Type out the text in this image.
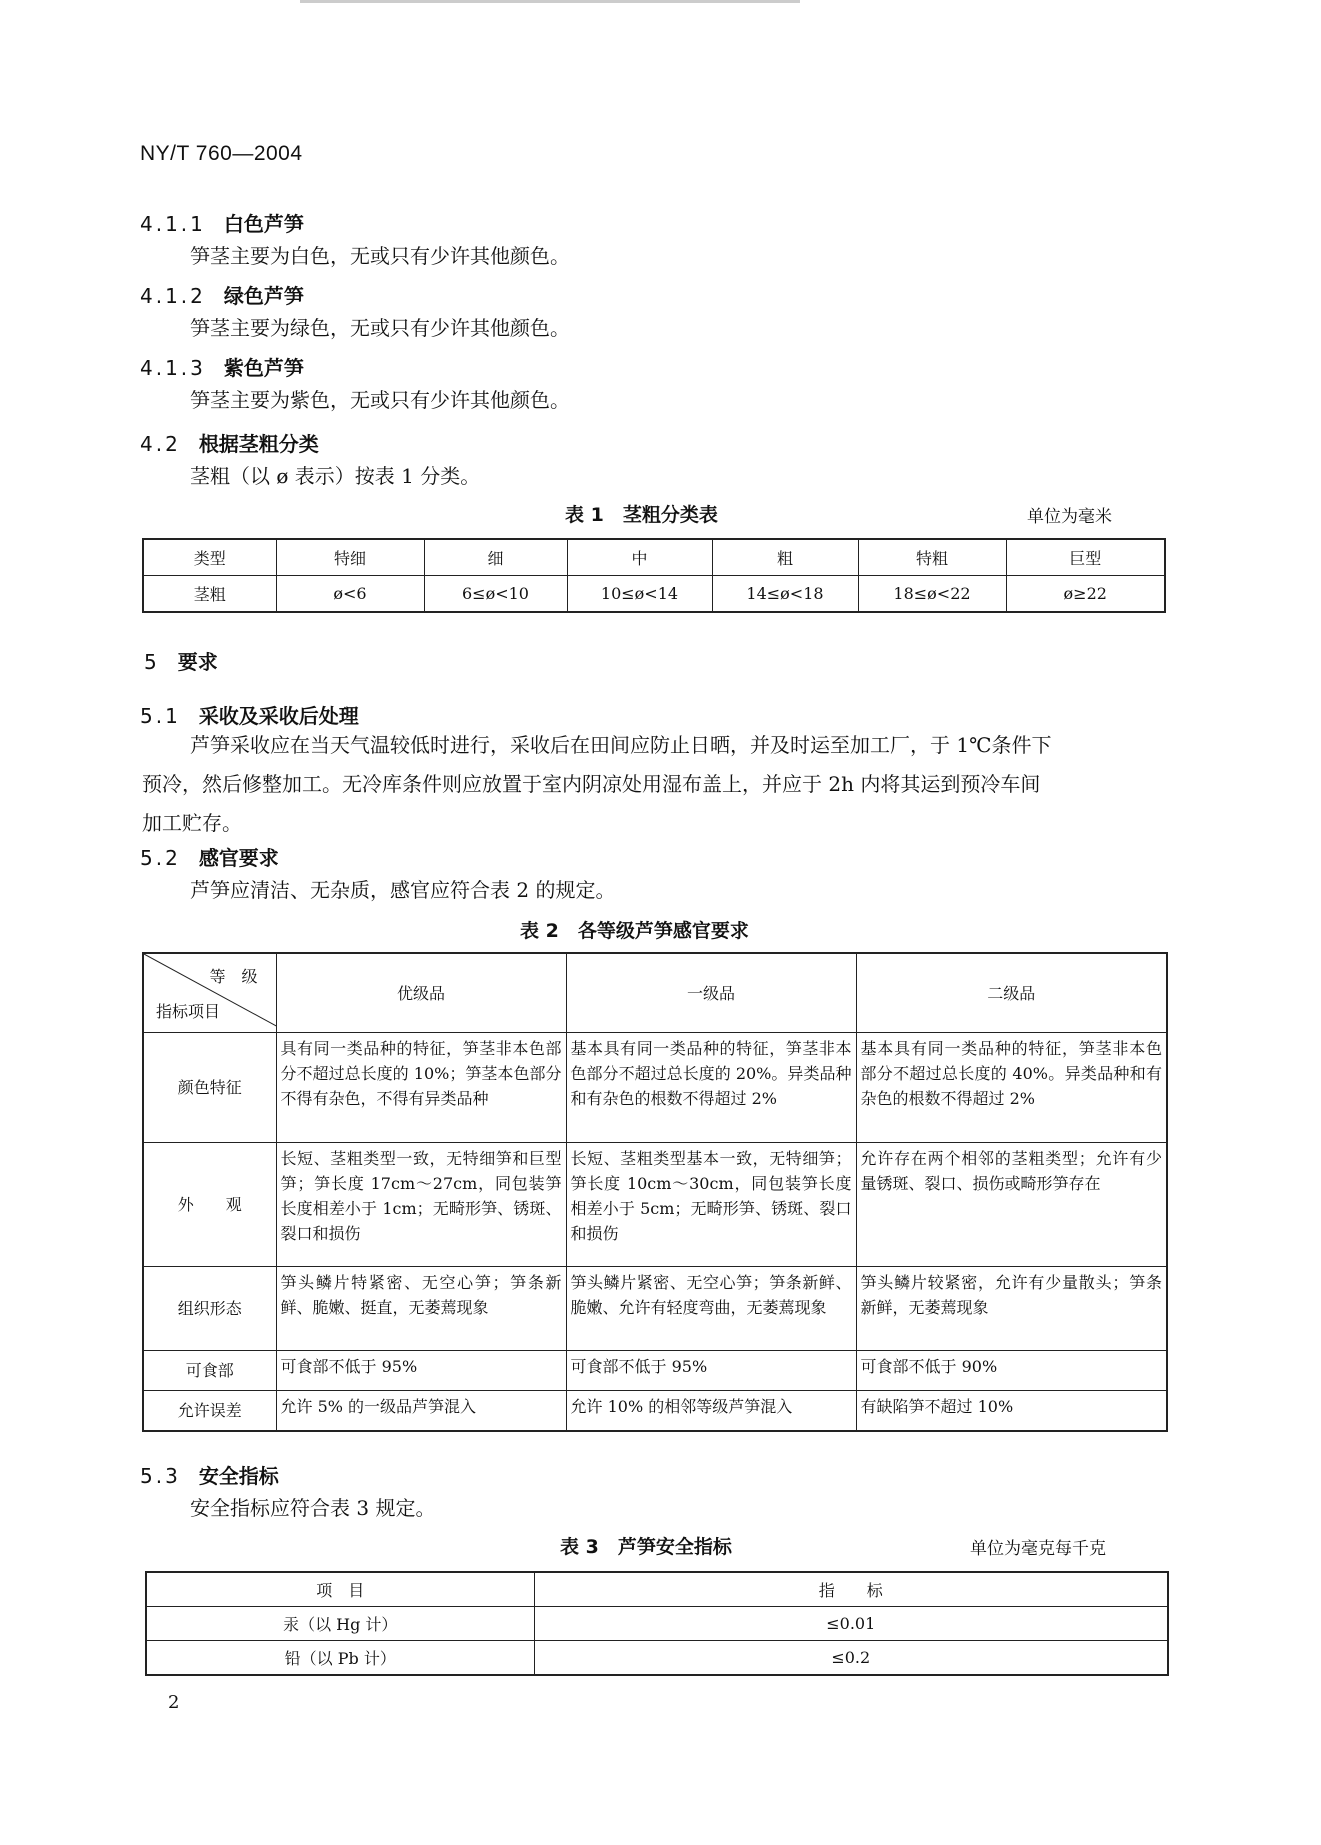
NY/T 760—2004
4.1.1 白色芦笋
笋茎主要为白色，无或只有少许其他颜色。
4.1.2 绿色芦笋
笋茎主要为绿色，无或只有少许其他颜色。
4.1.3 紫色芦笋
笋茎主要为紫色，无或只有少许其他颜色。
4.2 根据茎粗分类
茎粗（以 ø 表示）按表 1 分类。
表 1　茎粗分类表	单位为毫米
类型	特细	细	中	粗	特粗	巨型
茎粗	ø<6	6≤ø<10	10≤ø<14	14≤ø<18	18≤ø<22	ø≥22
5 要求
5.1 采收及采收后处理
芦笋采收应在当天气温较低时进行，采收后在田间应防止日晒，并及时运至加工厂，于 1℃条件下
预冷，然后修整加工。无冷库条件则应放置于室内阴凉处用湿布盖上，并应于 2h 内将其运到预冷车间
加工贮存。
5.2 感官要求
芦笋应清洁、无杂质，感官应符合表 2 的规定。
表 2　各等级芦笋感官要求
等　级
指标项目	优级品	一级品	二级品
颜色特征	具有同一类品种的特征，笋茎非本色部分不超过总长度的 10%；笋茎本色部分不得有杂色，不得有异类品种	基本具有同一类品种的特征，笋茎非本色部分不超过总长度的 20%。异类品种和有杂色的根数不得超过 2%	基本具有同一类品种的特征，笋茎非本色部分不超过总长度的 40%。异类品种和有杂色的根数不得超过 2%
外　　观	长短、茎粗类型一致，无特细笋和巨型笋；笋长度 17cm～27cm，同包装笋长度相差小于 1cm；无畸形笋、锈斑、裂口和损伤	长短、茎粗类型基本一致，无特细笋；笋长度 10cm～30cm，同包装笋长度相差小于 5cm；无畸形笋、锈斑、裂口和损伤	允许存在两个相邻的茎粗类型；允许有少量锈斑、裂口、损伤或畸形笋存在
组织形态	笋头鳞片特紧密、无空心笋；笋条新鲜、脆嫩、挺直，无萎蔫现象	笋头鳞片紧密、无空心笋；笋条新鲜、脆嫩、允许有轻度弯曲，无萎蔫现象	笋头鳞片较紧密，允许有少量散头；笋条新鲜，无萎蔫现象
可食部	可食部不低于 95%	可食部不低于 95%	可食部不低于 90%
允许误差	允许 5% 的一级品芦笋混入	允许 10% 的相邻等级芦笋混入	有缺陷笋不超过 10%
5.3 安全指标
安全指标应符合表 3 规定。
表 3　芦笋安全指标	单位为毫克每千克
项　目	指　　标
汞（以 Hg 计）	≤0.01
铅（以 Pb 计）	≤0.2
2
